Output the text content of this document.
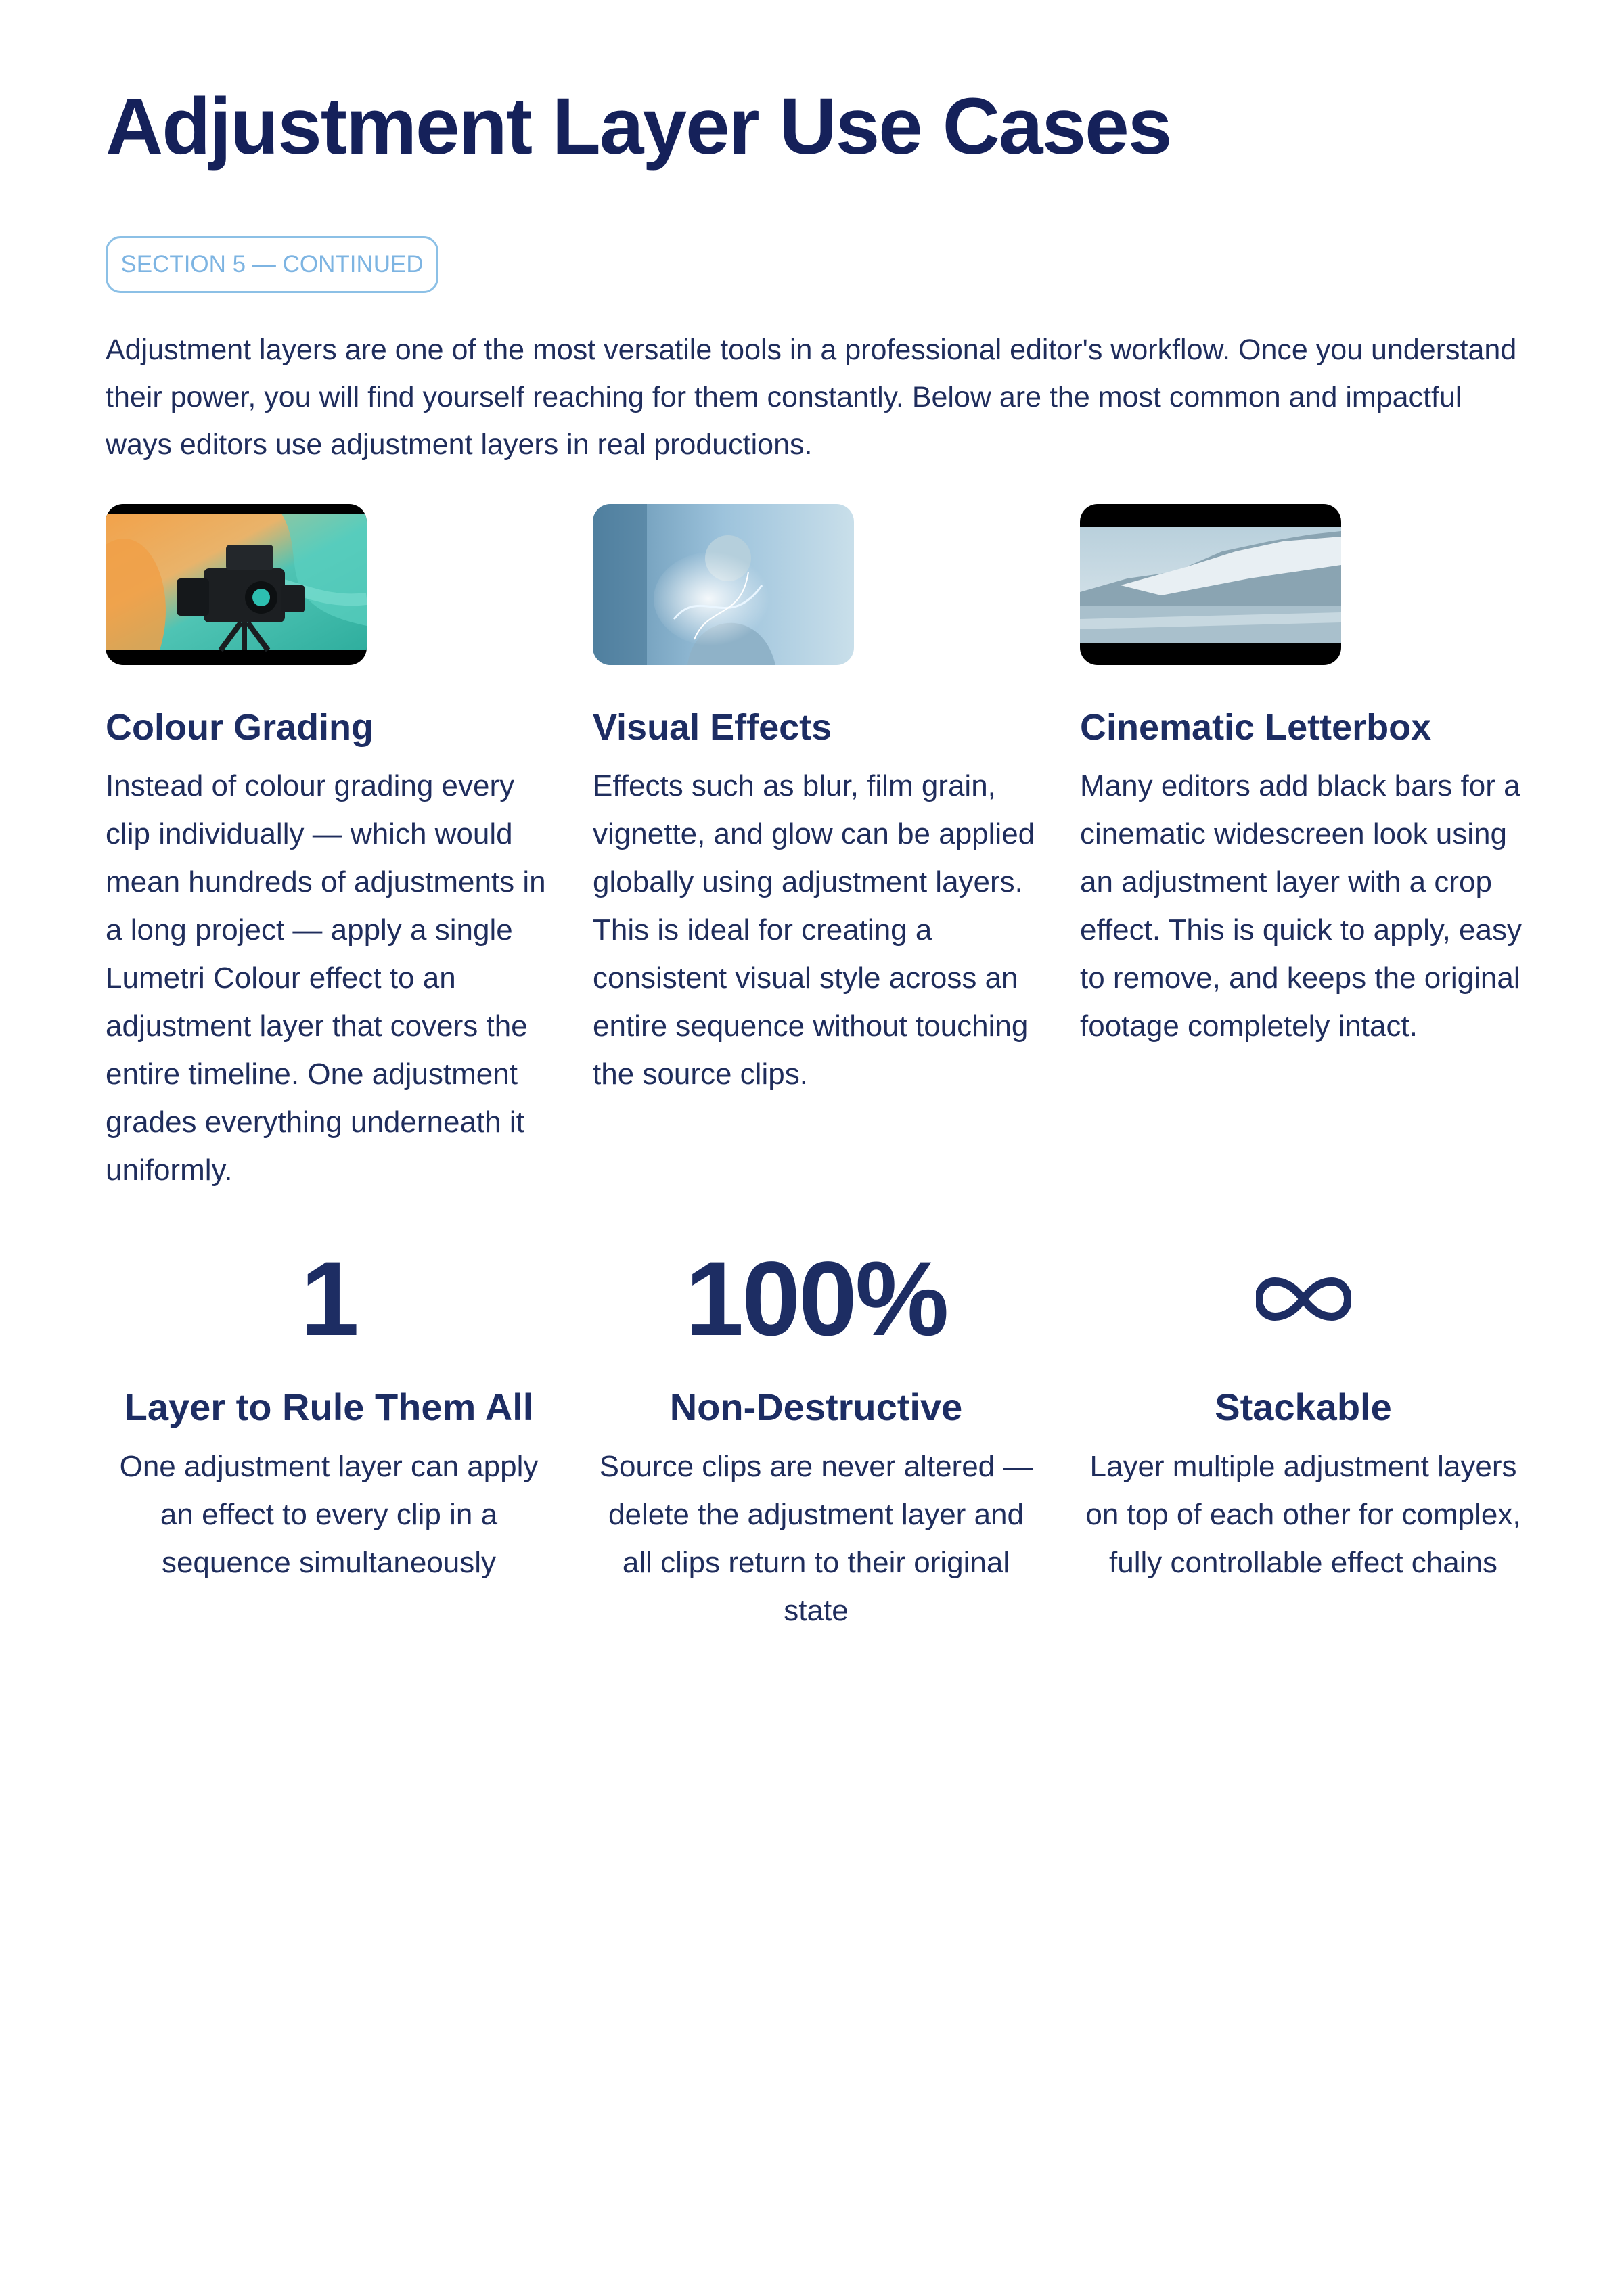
Adjustment Layer Use Cases
SECTION 5 — CONTINUED

Adjustment layers are one of the most versatile tools in a professional editor's workflow. Once you understand their power, you will find yourself reaching for them constantly. Below are the most common and impactful ways editors use adjustment layers in real productions.

Colour Grading

Instead of colour grading every clip individually — which would mean hundreds of adjustments in a long project — apply a single Lumetri Colour effect to an adjustment layer that covers the entire timeline. One adjustment grades everything underneath it uniformly.

Visual Effects

Effects such as blur, film grain, vignette, and glow can be applied globally using adjustment layers. This is ideal for creating a consistent visual style across an entire sequence without touching the source clips.

Cinematic Letterbox

Many editors add black bars for a cinematic widescreen look using an adjustment layer with a crop effect. This is quick to apply, easy to remove, and keeps the original footage completely intact.

1
Layer to Rule Them All

One adjustment layer can apply an effect to every clip in a sequence simultaneously

100%
Non-Destructive

Source clips are never altered — delete the adjustment layer and all clips return to their original state

Stackable

Layer multiple adjustment layers on top of each other for complex, fully controllable effect chains
